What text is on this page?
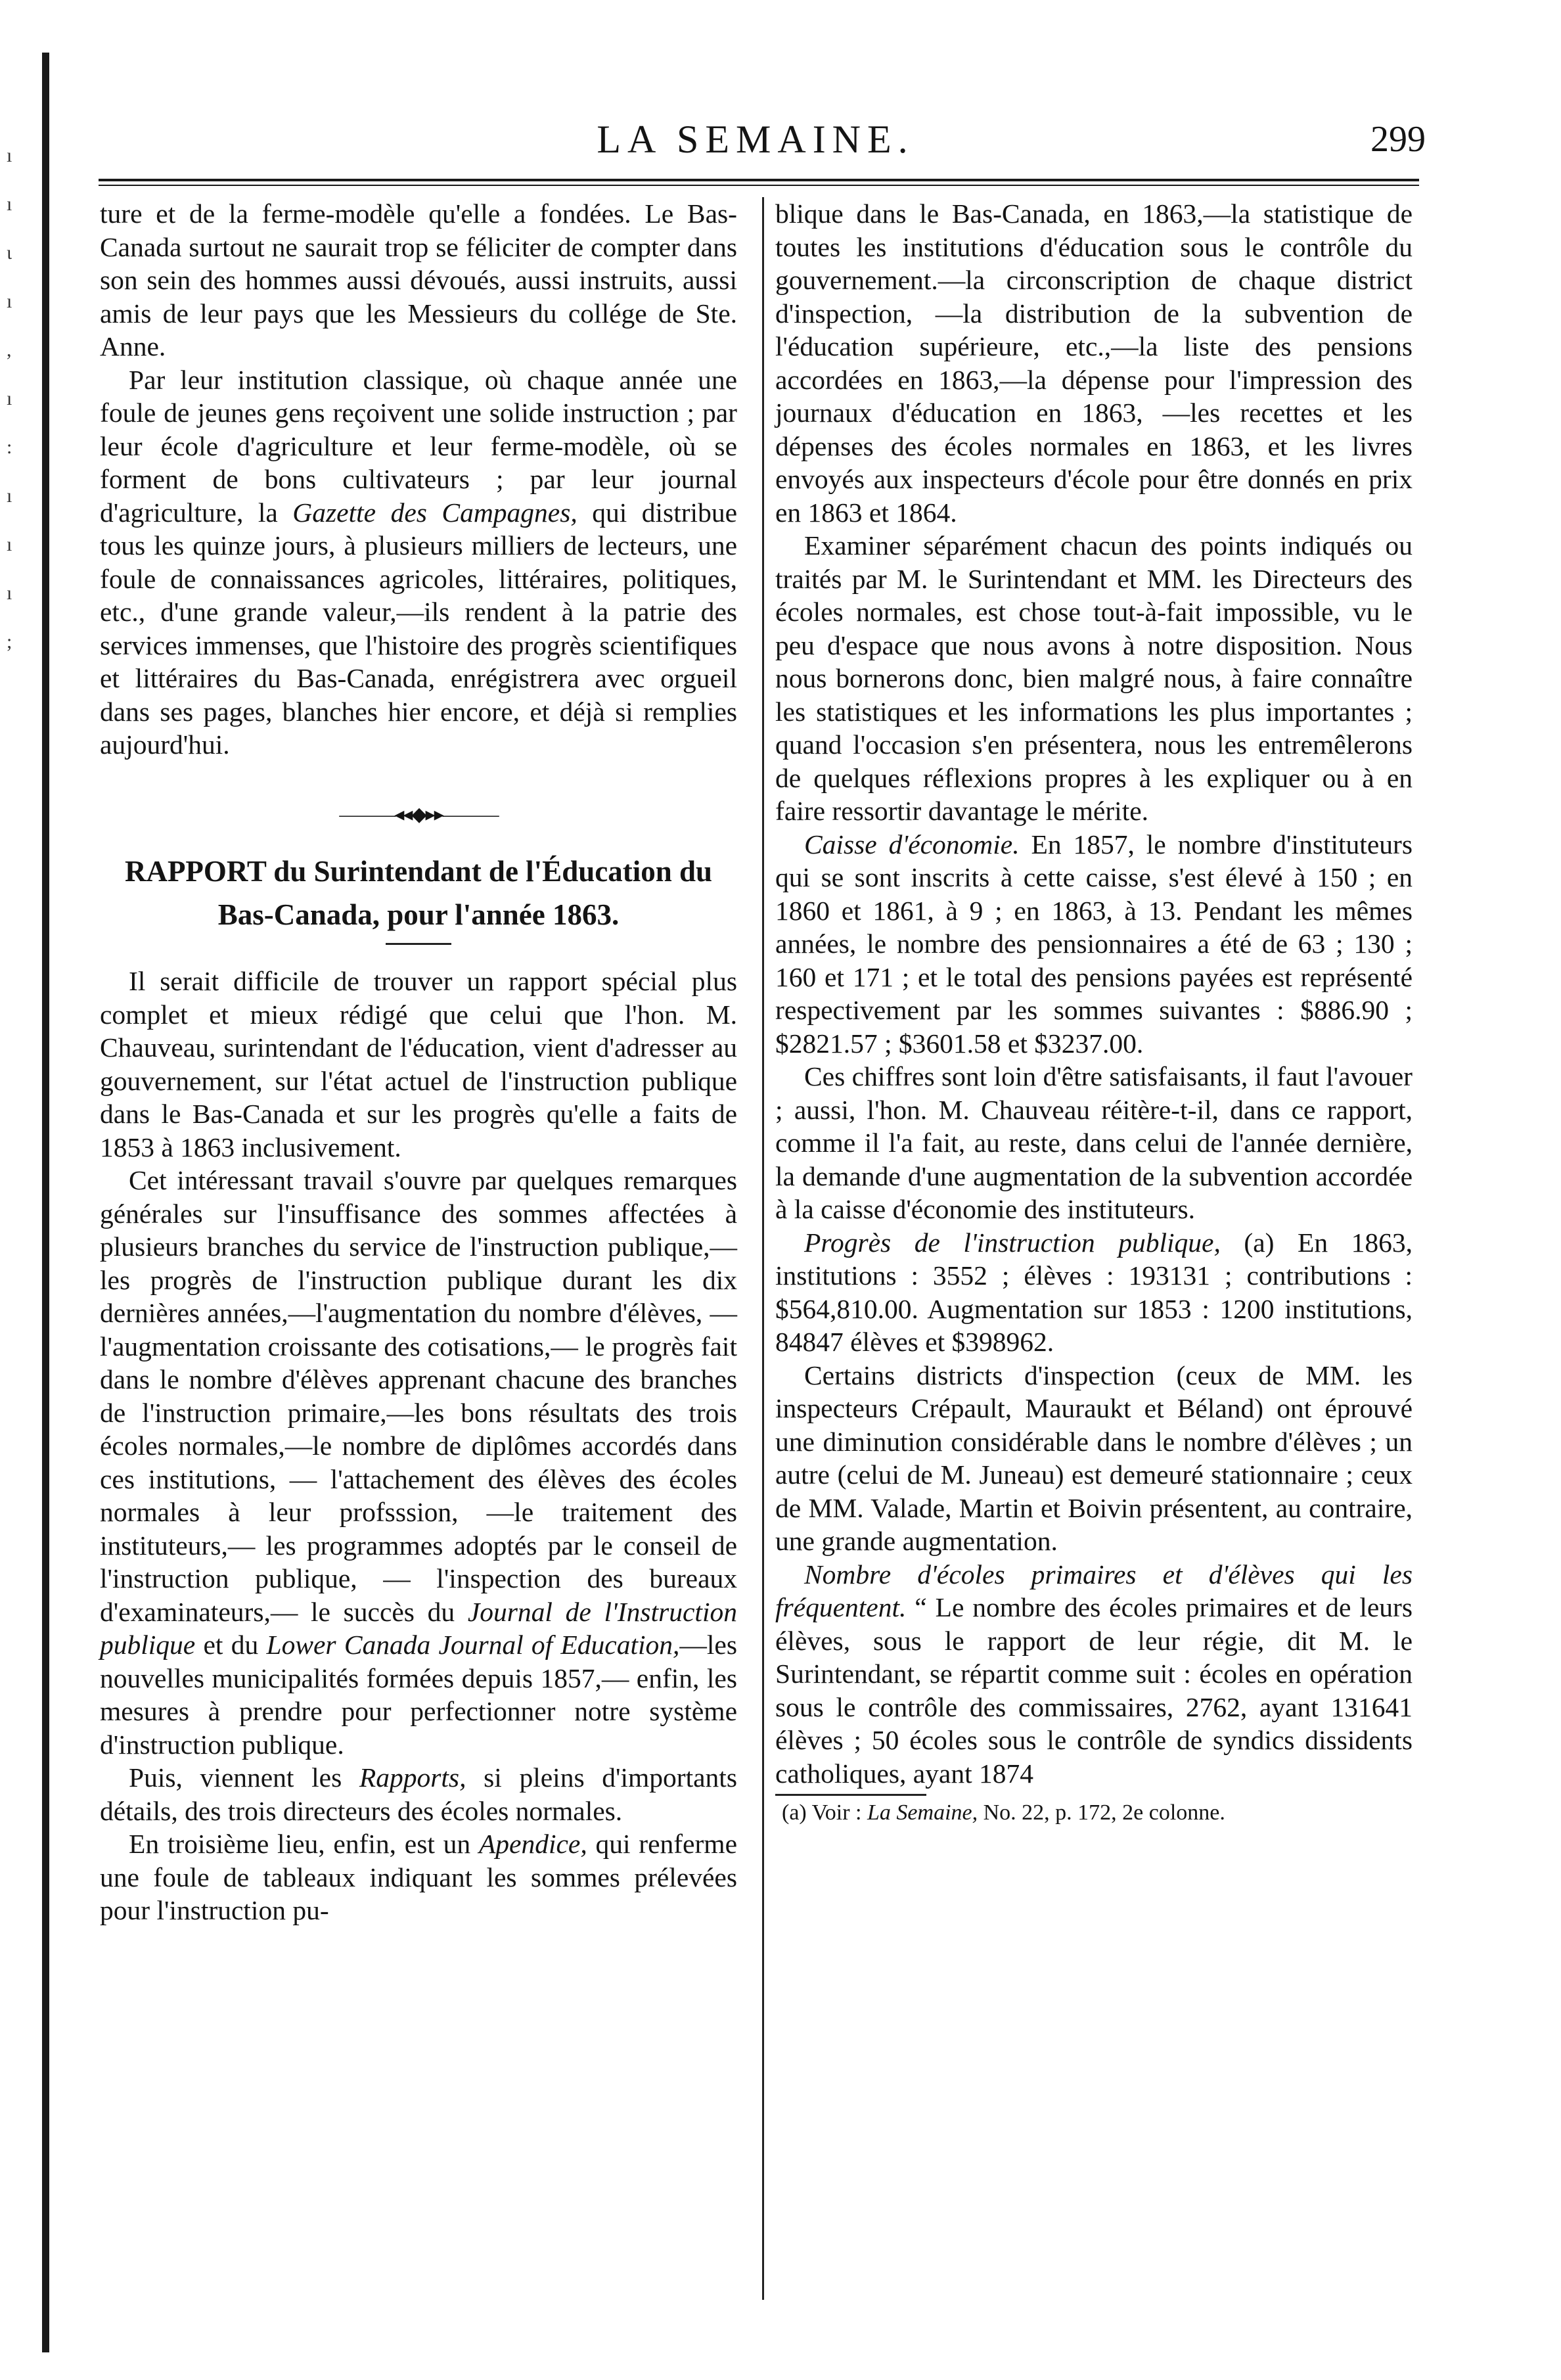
ı
ı
ɩ
ı
,
ı
:
ı
ı
ı
;
LA SEMAINE.	299

ture et de la ferme-modèle qu'elle a fondées. Le Bas-Canada surtout ne saurait trop se féliciter de compter dans son sein des hommes aussi dévoués, aussi instruits, aussi amis de leur pays que les Messieurs du collége de Ste. Anne.

Par leur institution classique, où chaque année une foule de jeunes gens reçoivent une solide instruction ; par leur école d'agriculture et leur ferme-modèle, où se forment de bons cultivateurs ; par leur journal d'agriculture, la Gazette des Campagnes, qui distribue tous les quinze jours, à plusieurs milliers de lecteurs, une foule de connaissances agricoles, littéraires, politiques, etc., d'une grande valeur,—ils rendent à la patrie des services immenses, que l'histoire des progrès scientifiques et littéraires du Bas-Canada, enrégistrera avec orgueil dans ses pages, blanches hier encore, et déjà si remplies aujourd'hui.

———◂◂◆▸▸———

RAPPORT du Surintendant de l'Éducation du Bas-Canada, pour l'année 1863.

Il serait difficile de trouver un rapport spécial plus complet et mieux rédigé que celui que l'hon. M. Chauveau, surintendant de l'éducation, vient d'adresser au gouvernement, sur l'état actuel de l'instruction publique dans le Bas-Canada et sur les progrès qu'elle a faits de 1853 à 1863 inclusivement.

Cet intéressant travail s'ouvre par quelques remarques générales sur l'insuffisance des sommes affectées à plusieurs branches du service de l'instruction publique,—les progrès de l'instruction publique durant les dix dernières années,—l'augmentation du nombre d'élèves, —l'augmentation croissante des cotisations,— le progrès fait dans le nombre d'élèves apprenant chacune des branches de l'instruction primaire,—les bons résultats des trois écoles normales,—le nombre de diplômes accordés dans ces institutions, — l'attachement des élèves des écoles normales à leur profsssion, —le traitement des instituteurs,— les programmes adoptés par le conseil de l'instruction publique, — l'inspection des bureaux d'examinateurs,— le succès du Journal de l'Instruction publique et du Lower Canada Journal of Education,—les nouvelles municipalités formées depuis 1857,— enfin, les mesures à prendre pour perfectionner notre système d'instruction publique.

Puis, viennent les Rapports, si pleins d'importants détails, des trois directeurs des écoles normales.

En troisième lieu, enfin, est un Apendice, qui renferme une foule de tableaux indiquant les sommes prélevées pour l'instruction pu-

blique dans le Bas-Canada, en 1863,—la statistique de toutes les institutions d'éducation sous le contrôle du gouvernement.—la circonscription de chaque district d'inspection, —la distribution de la subvention de l'éducation supérieure, etc.,—la liste des pensions accordées en 1863,—la dépense pour l'impression des journaux d'éducation en 1863, —les recettes et les dépenses des écoles normales en 1863, et les livres envoyés aux inspecteurs d'école pour être donnés en prix en 1863 et 1864.

Examiner séparément chacun des points indiqués ou traités par M. le Surintendant et MM. les Directeurs des écoles normales, est chose tout-à-fait impossible, vu le peu d'espace que nous avons à notre disposition. Nous nous bornerons donc, bien malgré nous, à faire connaître les statistiques et les informations les plus importantes ; quand l'occasion s'en présentera, nous les entremêlerons de quelques réflexions propres à les expliquer ou à en faire ressortir davantage le mérite.

Caisse d'économie. En 1857, le nombre d'instituteurs qui se sont inscrits à cette caisse, s'est élevé à 150 ; en 1860 et 1861, à 9 ; en 1863, à 13. Pendant les mêmes années, le nombre des pensionnaires a été de 63 ; 130 ; 160 et 171 ; et le total des pensions payées est représenté respectivement par les sommes suivantes : $886.90 ; $2821.57 ; $3601.58 et $3237.00.

Ces chiffres sont loin d'être satisfaisants, il faut l'avouer ; aussi, l'hon. M. Chauveau réitère-t-il, dans ce rapport, comme il l'a fait, au reste, dans celui de l'année dernière, la demande d'une augmentation de la subvention accordée à la caisse d'économie des instituteurs.

Progrès de l'instruction publique, (a) En 1863, institutions : 3552 ; élèves : 193131 ; contributions : $564,810.00. Augmentation sur 1853 : 1200 institutions, 84847 élèves et $398962.

Certains districts d'inspection (ceux de MM. les inspecteurs Crépault, Mauraukt et Béland) ont éprouvé une diminution considérable dans le nombre d'élèves ; un autre (celui de M. Juneau) est demeuré stationnaire ; ceux de MM. Valade, Martin et Boivin présentent, au contraire, une grande augmentation.

Nombre d'écoles primaires et d'élèves qui les fréquentent. “ Le nombre des écoles primaires et de leurs élèves, sous le rapport de leur régie, dit M. le Surintendant, se répartit comme suit : écoles en opération sous le contrôle des commissaires, 2762, ayant 131641 élèves ; 50 écoles sous le contrôle de syndics dissidents catholiques, ayant 1874

(a) Voir : La Semaine, No. 22, p. 172, 2e colonne.
